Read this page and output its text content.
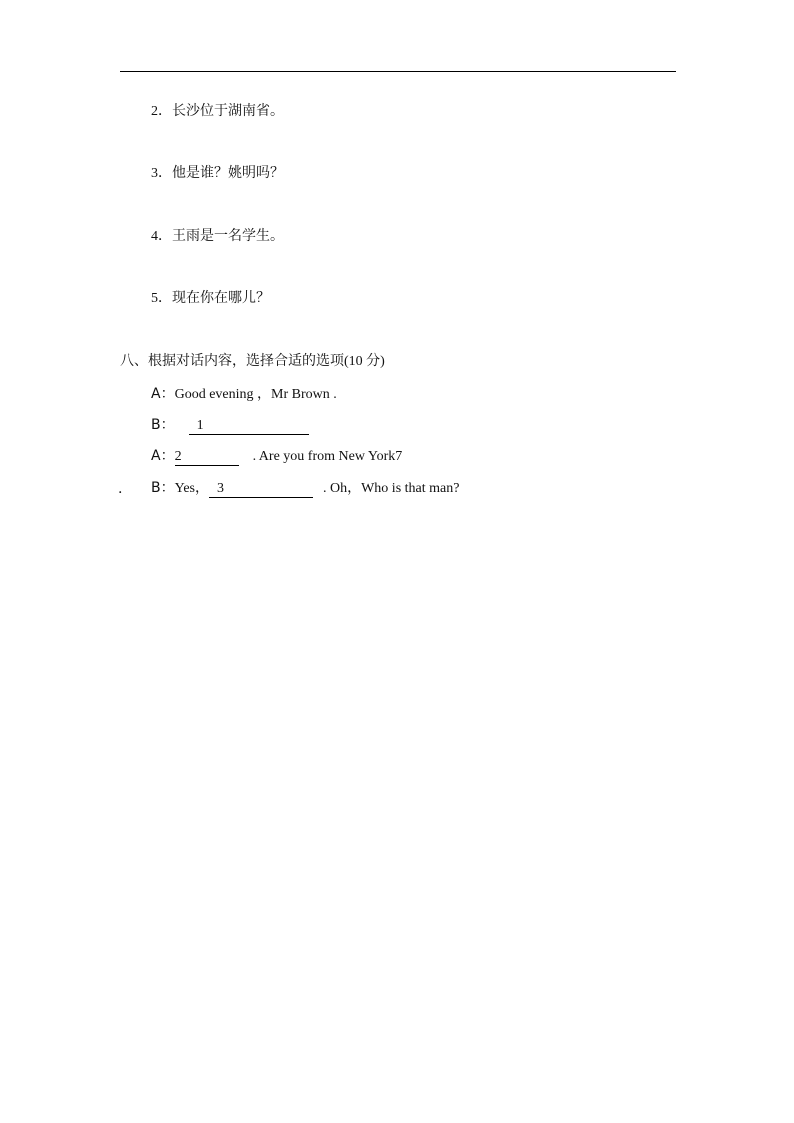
2．长沙位于湖南省。
3．他是谁？姚明吗？
4．王雨是一名学生。
5．现在你在哪儿？
八、根据对话内容，选择合适的选项(10 分)
A：Good evening ，Mr Brown .
B： 1
A：2	. Are you from New York7
. B：Yes， 3	. Oh，Who is that man?
